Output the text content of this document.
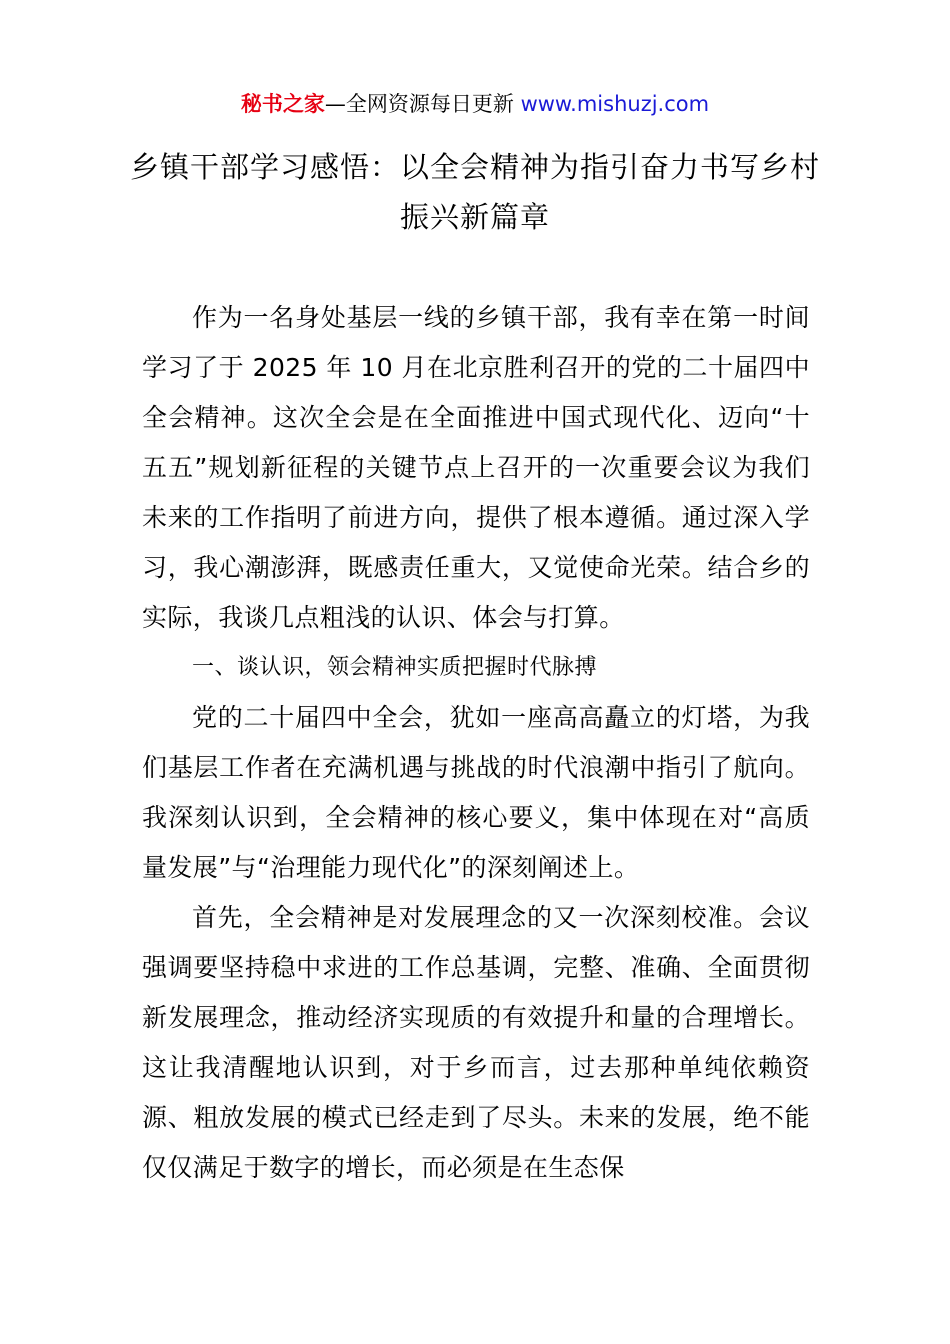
秘书之家—全网资源每日更新 www.mishuzj.com
乡镇干部学习感悟：以全会精神为指引奋力书写乡村振兴新篇章

作为一名身处基层一线的乡镇干部，我有幸在第一时间学习了于 2025 年 10 月在北京胜利召开的党的二十届四中全会精神。这次全会是在全面推进中国式现代化、迈向“十五五”规划新征程的关键节点上召开的一次重要会议为我们未来的工作指明了前进方向，提供了根本遵循。通过深入学习，我心潮澎湃，既感责任重大，又觉使命光荣。结合乡的实际，我谈几点粗浅的认识、体会与打算。

一、谈认识，领会精神实质把握时代脉搏

党的二十届四中全会，犹如一座高高矗立的灯塔，为我们基层工作者在充满机遇与挑战的时代浪潮中指引了航向。我深刻认识到，全会精神的核心要义，集中体现在对“高质量发展”与“治理能力现代化”的深刻阐述上。

首先，全会精神是对发展理念的又一次深刻校准。会议强调要坚持稳中求进的工作总基调，完整、准确、全面贯彻新发展理念，推动经济实现质的有效提升和量的合理增长。这让我清醒地认识到，对于乡而言，过去那种单纯依赖资源、粗放发展的模式已经走到了尽头。未来的发展，绝不能仅仅满足于数字的增长，而必须是在生态保
